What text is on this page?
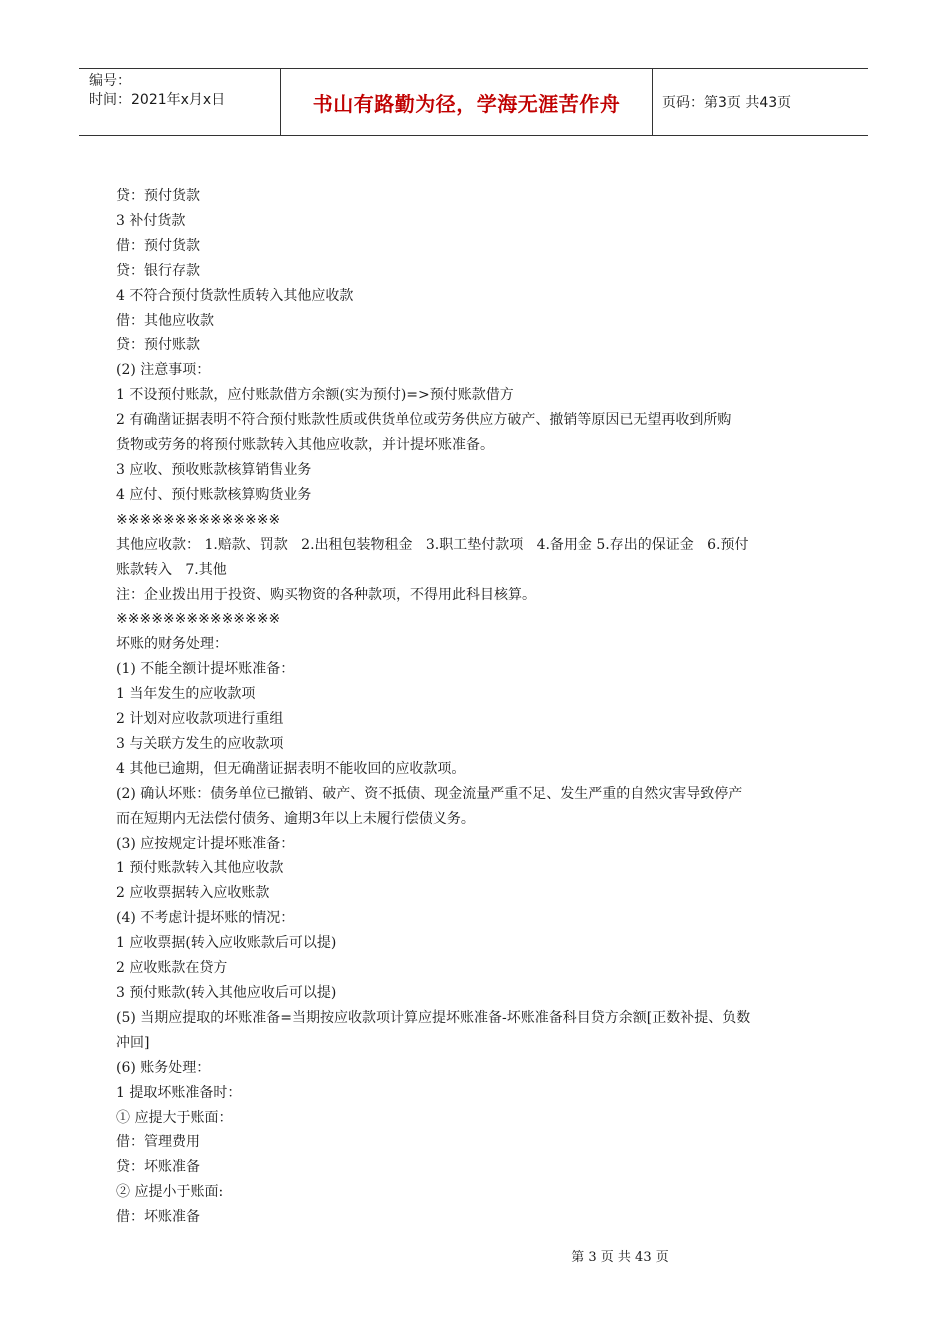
编号：
时间：2021年x月x日	书山有路勤为径，学海无涯苦作舟	页码：第3页 共43页
贷：预付货款
3 补付货款
借：预付货款
贷：银行存款
4 不符合预付货款性质转入其他应收款
借：其他应收款
贷：预付账款
(2) 注意事项：
1 不设预付账款，应付账款借方余额(实为预付)=>预付账款借方
2 有确凿证据表明不符合预付账款性质或供货单位或劳务供应方破产、撤销等原因已无望再收到所购
货物或劳务的将预付账款转入其他应收款，并计提坏账准备。
3 应收、预收账款核算销售业务
4 应付、预付账款核算购货业务
※※※※※※※※※※※※※※
其他应收款： 1.赔款、罚款   2.出租包装物租金   3.职工垫付款项   4.备用金 5.存出的保证金   6.预付
账款转入   7.其他
注：企业拨出用于投资、购买物资的各种款项，不得用此科目核算。
※※※※※※※※※※※※※※
坏账的财务处理：
(1) 不能全额计提坏账准备：
1 当年发生的应收款项
2 计划对应收款项进行重组
3 与关联方发生的应收款项
4 其他已逾期，但无确凿证据表明不能收回的应收款项。
(2) 确认坏账：债务单位已撤销、破产、资不抵债、现金流量严重不足、发生严重的自然灾害导致停产
而在短期内无法偿付债务、逾期3年以上未履行偿债义务。
(3) 应按规定计提坏账准备：
1 预付账款转入其他应收款
2 应收票据转入应收账款
(4) 不考虑计提坏账的情况：
1 应收票据(转入应收账款后可以提)
2 应收账款在贷方
3 预付账款(转入其他应收后可以提)
(5) 当期应提取的坏账准备=当期按应收款项计算应提坏账准备-坏账准备科目贷方余额[正数补提、负数
冲回]
(6) 账务处理：
1 提取坏账准备时：
① 应提大于账面：
借：管理费用
贷：坏账准备
② 应提小于账面:
借：坏账准备
第 3 页 共 43 页
